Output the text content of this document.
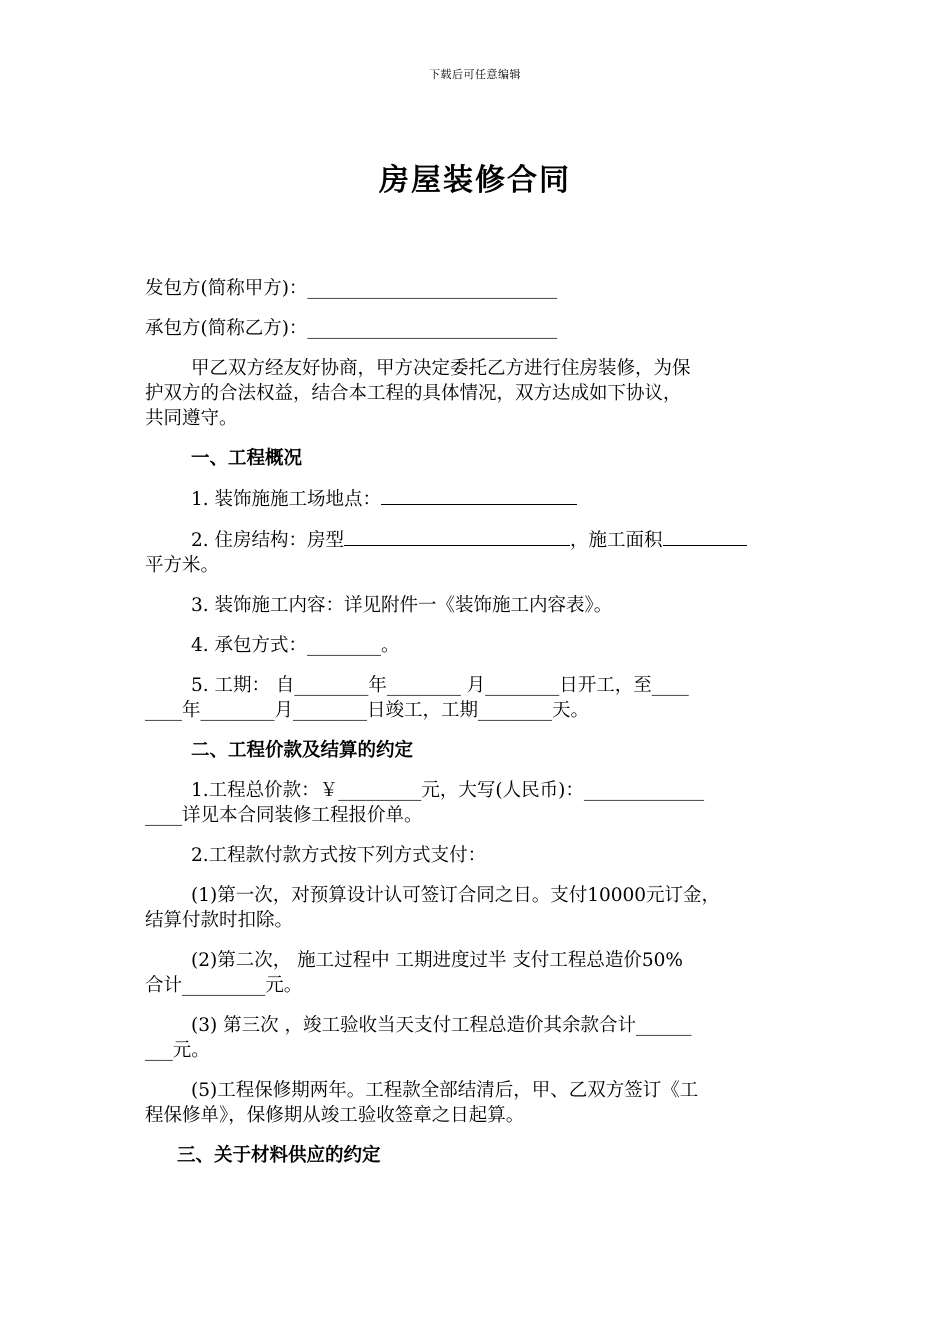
下载后可任意编辑
房屋装修合同

发包方(简称甲方)：___________________________

承包方(简称乙方)：___________________________

甲乙双方经友好协商，甲方决定委托乙方进行住房装修，为保
护双方的合法权益，结合本工程的具体情况，双方达成如下协议，
共同遵守。

一、工程概况

1. 装饰施施工场地点：

2. 住房结构：房型	，施工面积
平方米。

3. 装饰施工内容：详见附件一《装饰施工内容表》。

4. 承包方式：________。

5. 工期： 自________年________ 月________日开工，至____
____年________月________日竣工，工期________天。

二、工程价款及结算的约定

1.工程总价款：￥_________元，大写(人民币)：_____________
____详见本合同装修工程报价单。

2.工程款付款方式按下列方式支付：

(1)第一次，对预算设计认可签订合同之日。支付10000元订金，
结算付款时扣除。

(2)第二次， 施工过程中 工期进度过半 支付工程总造价50%
合计_________元。

(3) 第三次 ，竣工验收当天支付工程总造价其余款合计______
___元。

(5)工程保修期两年。工程款全部结清后，甲、乙双方签订《工
程保修单》，保修期从竣工验收签章之日起算。

三、关于材料供应的约定
